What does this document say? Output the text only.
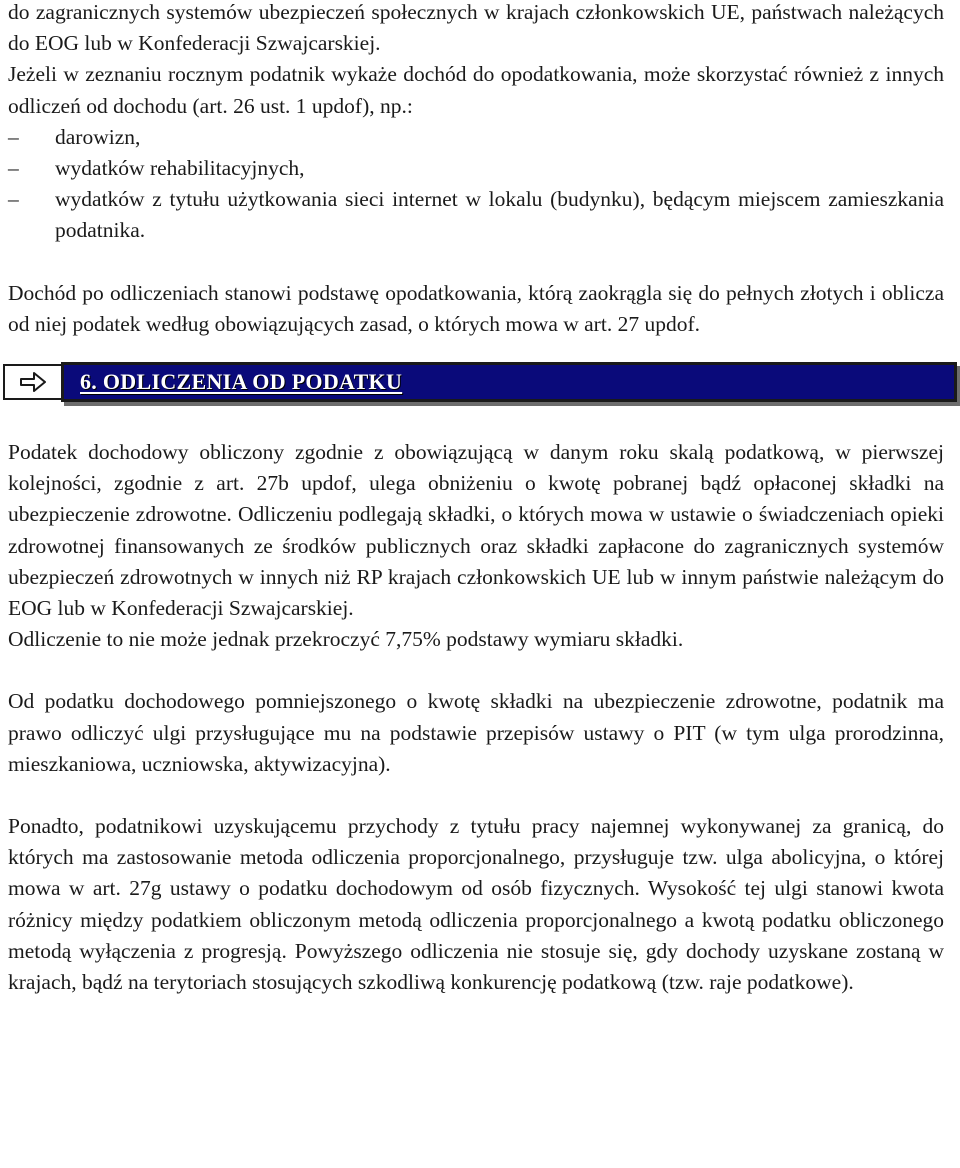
do zagranicznych systemów ubezpieczeń społecznych w krajach członkowskich UE, państwach należących do EOG lub w Konfederacji Szwajcarskiej.

Jeżeli w zeznaniu rocznym podatnik wykaże dochód do opodatkowania, może skorzystać również z innych odliczeń od dochodu (art. 26 ust. 1 updof), np.:

– darowizn,
– wydatków rehabilitacyjnych,
– wydatków z tytułu użytkowania sieci internet w lokalu (budynku), będącym miejscem zamieszkania podatnika.

Dochód po odliczeniach stanowi podstawę opodatkowania, którą zaokrągla się do pełnych złotych i oblicza od niej podatek według obowiązujących zasad, o których mowa w art. 27 updof.

6. ODLICZENIA OD PODATKU

Podatek dochodowy obliczony zgodnie z obowiązującą w danym roku skalą podatkową, w pierwszej kolejności, zgodnie z art. 27b updof, ulega obniżeniu o kwotę pobranej bądź opłaconej składki na ubezpieczenie zdrowotne. Odliczeniu podlegają składki, o których mowa w ustawie o świadczeniach opieki zdrowotnej finansowanych ze środków publicznych oraz składki zapłacone do zagranicznych systemów ubezpieczeń zdrowotnych w innych niż RP krajach członkowskich UE lub w innym państwie należącym do EOG lub w Konfederacji Szwajcarskiej.

Odliczenie to nie może jednak przekroczyć 7,75% podstawy wymiaru składki.

Od podatku dochodowego pomniejszonego o kwotę składki na ubezpieczenie zdrowotne, podatnik ma prawo odliczyć ulgi przysługujące mu na podstawie przepisów ustawy o PIT (w tym ulga prorodzinna, mieszkaniowa, uczniowska, aktywizacyjna).

Ponadto, podatnikowi uzyskującemu przychody z tytułu pracy najemnej wykonywanej za granicą, do których ma zastosowanie metoda odliczenia proporcjonalnego, przysługuje tzw. ulga abolicyjna, o której mowa w art. 27g ustawy o podatku dochodowym od osób fizycznych. Wysokość tej ulgi stanowi kwota różnicy między podatkiem obliczonym metodą odliczenia proporcjonalnego a kwotą podatku obliczonego metodą wyłączenia z progresją. Powyższego odliczenia nie stosuje się, gdy dochody uzyskane zostaną w krajach, bądź na terytoriach stosujących szkodliwą konkurencję podatkową (tzw. raje podatkowe).
